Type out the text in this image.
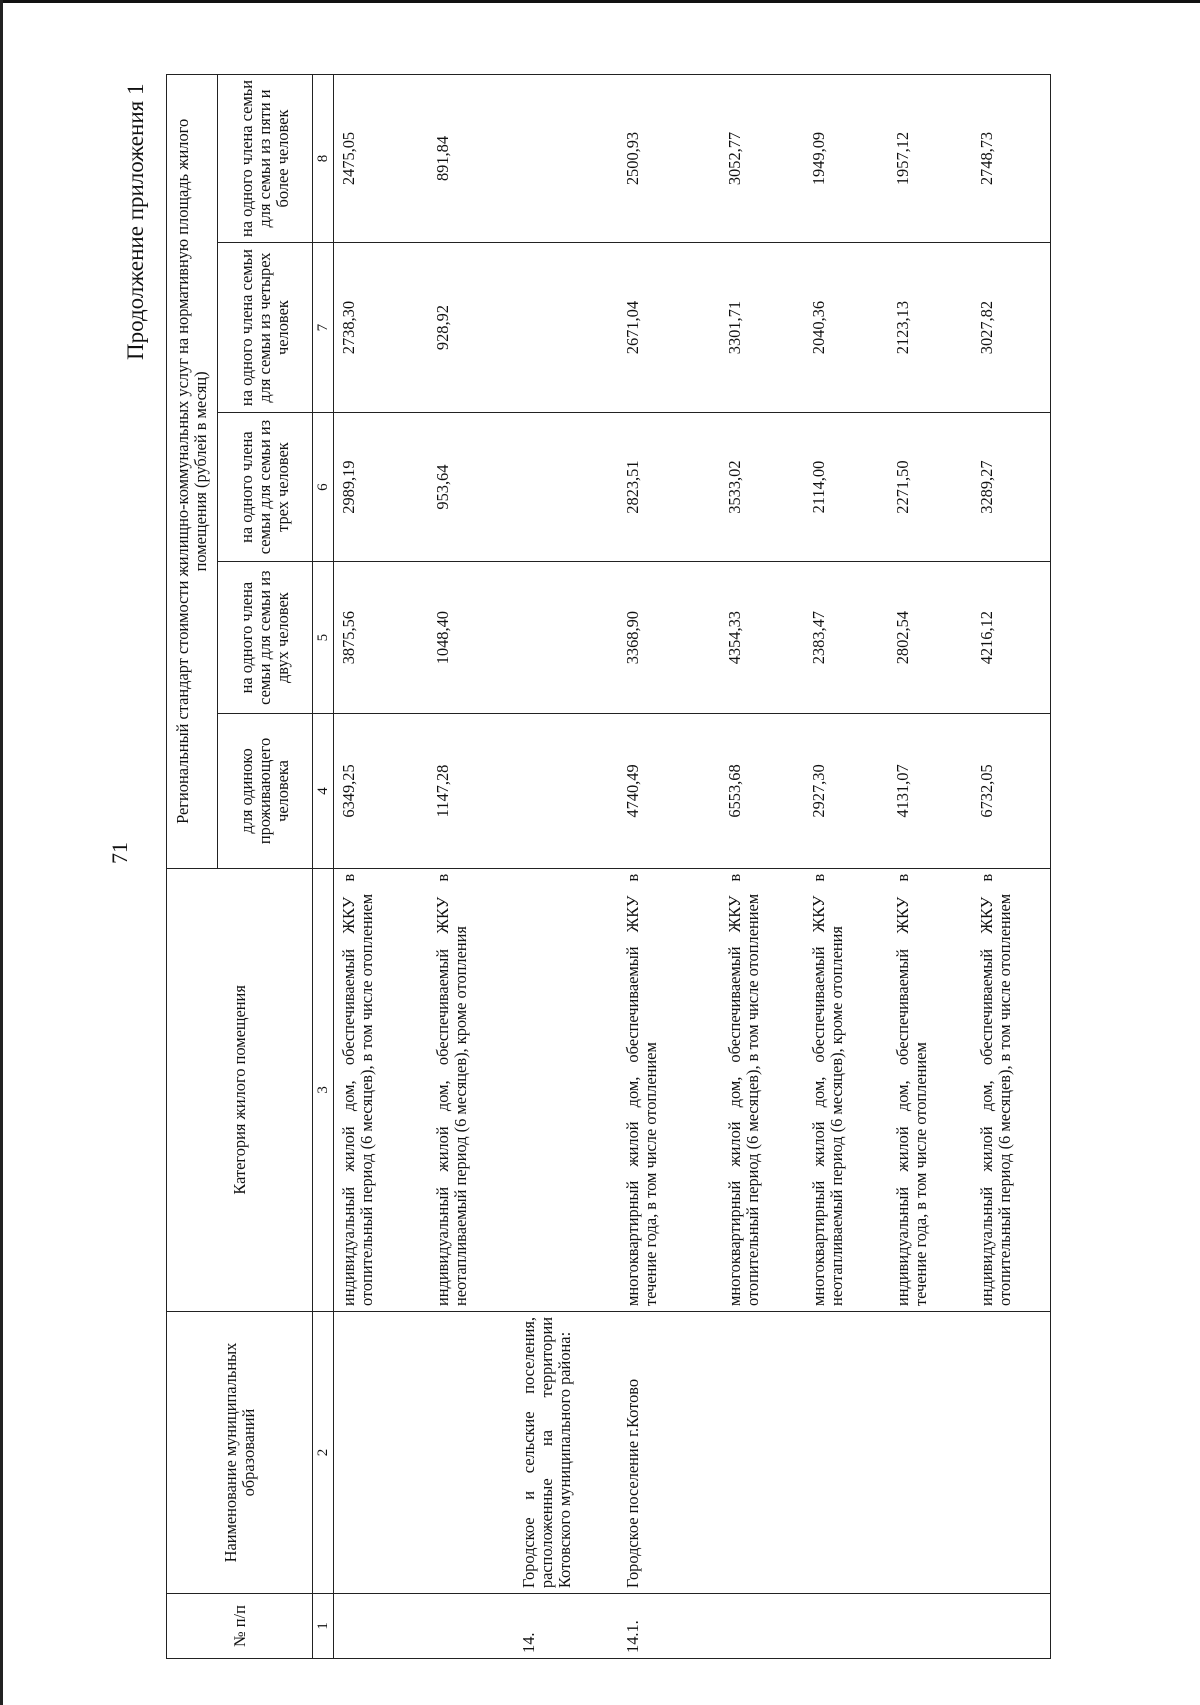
71
Продолжение приложения 1
№ п/п	Наименование муниципальных образований	Категория жилого помещения	Региональный стандарт стоимости жилищно-коммунальных услуг на нормативную площадь жилого помещения (рублей в месяц)				
			для одиноко проживающего человека	на одного члена семьи для семьи из двух человек	на одного члена семьи для семьи из трех человек	на одного члена семьи для семьи из четырех человек	на одного члена семьи для семьи из пяти и более человек
1	2	3	4	5	6	7	8
		индивидуальный жилой дом, обеспечиваемый ЖКУ в отопительный период (6 месяцев), в том числе отоплением	6349,25	3875,56	2989,19	2738,30	2475,05
		индивидуальный жилой дом, обеспечиваемый ЖКУ в неотапливаемый период (6 месяцев), кроме отопления	1147,28	1048,40	953,64	928,92	891,84
14.	Городское и сельские поселения, расположенные на территории Котовского муниципального района:						
14.1.	Городское поселение г.Котово	многоквартирный жилой дом, обеспечиваемый ЖКУ в течение года, в том числе отоплением	4740,49	3368,90	2823,51	2671,04	2500,93
		многоквартирный жилой дом, обеспечиваемый ЖКУ в отопительный период (6 месяцев), в том числе отоплением	6553,68	4354,33	3533,02	3301,71	3052,77
		многоквартирный жилой дом, обеспечиваемый ЖКУ в неотапливаемый период (6 месяцев), кроме отопления	2927,30	2383,47	2114,00	2040,36	1949,09
		индивидуальный жилой дом, обеспечиваемый ЖКУ в течение года, в том числе отоплением	4131,07	2802,54	2271,50	2123,13	1957,12
		индивидуальный жилой дом, обеспечиваемый ЖКУ в отопительный период (6 месяцев), в том числе отоплением	6732,05	4216,12	3289,27	3027,82	2748,73
